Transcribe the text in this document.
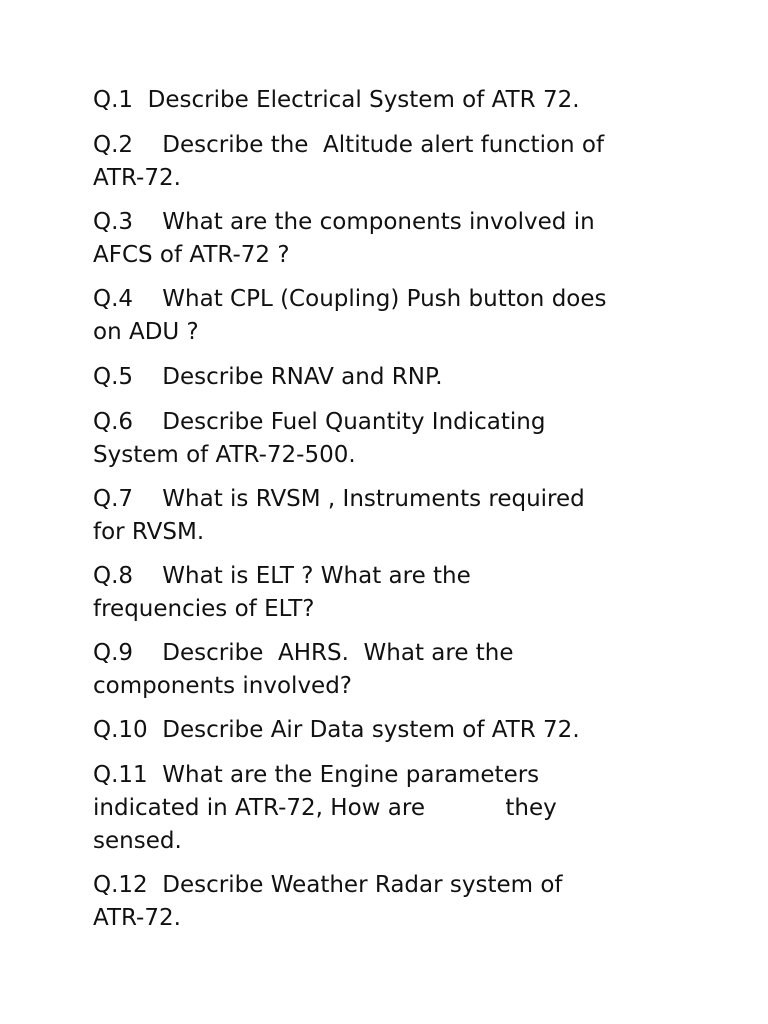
Q.1  Describe Electrical System of ATR 72.

Q.2    Describe the  Altitude alert function of
ATR-72.

Q.3    What are the components involved in
AFCS of ATR-72 ?

Q.4    What CPL (Coupling) Push button does
on ADU ?

Q.5    Describe RNAV and RNP.

Q.6    Describe Fuel Quantity Indicating
System of ATR-72-500.

Q.7    What is RVSM , Instruments required
for RVSM.

Q.8    What is ELT ? What are the
frequencies of ELT?

Q.9    Describe  AHRS.  What are the
components involved?

Q.10  Describe Air Data system of ATR 72.

Q.11  What are the Engine parameters
indicated in ATR-72, How are           they
sensed.

Q.12  Describe Weather Radar system of
ATR-72.
